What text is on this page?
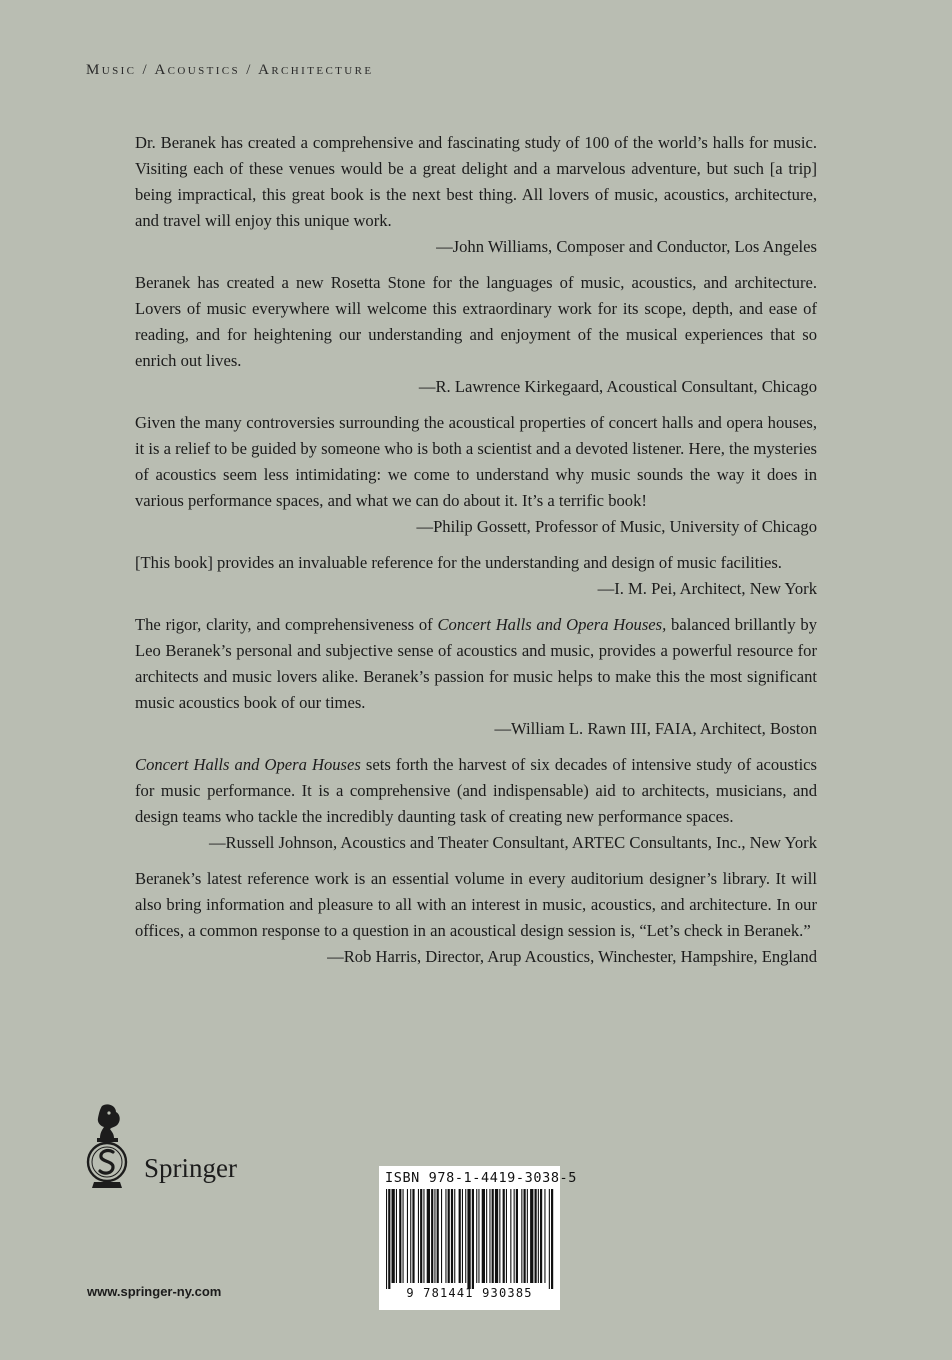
Music / Acoustics / Architecture

Dr. Beranek has created a comprehensive and fascinating study of 100 of the world’s halls for music. Visiting each of these venues would be a great delight and a marvelous adventure, but such [a trip] being impractical, this great book is the next best thing. All lovers of music, acoustics, architecture, and travel will enjoy this unique work.

—John Williams, Composer and Conductor, Los Angeles

Beranek has created a new Rosetta Stone for the languages of music, acoustics, and architecture. Lovers of music everywhere will welcome this extraordinary work for its scope, depth, and ease of reading, and for heightening our understanding and enjoyment of the musical experiences that so enrich out lives.

—R. Lawrence Kirkegaard, Acoustical Consultant, Chicago

Given the many controversies surrounding the acoustical properties of concert halls and opera houses, it is a relief to be guided by someone who is both a scientist and a devoted listener. Here, the mysteries of acoustics seem less intimidating: we come to understand why music sounds the way it does in various performance spaces, and what we can do about it. It’s a terrific book!

—Philip Gossett, Professor of Music, University of Chicago

[This book] provides an invaluable reference for the understanding and design of music facilities.

—I. M. Pei, Architect, New York

The rigor, clarity, and comprehensiveness of Concert Halls and Opera Houses, balanced brillantly by Leo Beranek’s personal and subjective sense of acoustics and music, provides a powerful resource for architects and music lovers alike. Beranek’s passion for music helps to make this the most significant music acoustics book of our times.

—William L. Rawn III, FAIA, Architect, Boston

Concert Halls and Opera Houses sets forth the harvest of six decades of intensive study of acoustics for music performance. It is a comprehensive (and indispensable) aid to architects, musicians, and design teams who tackle the incredibly daunting task of creating new performance spaces.

—Russell Johnson, Acoustics and Theater Consultant, ARTEC Consultants, Inc., New York

Beranek’s latest reference work is an essential volume in every auditorium designer’s library. It will also bring information and pleasure to all with an interest in music, acoustics, and architecture. In our offices, a common response to a question in an acoustical design session is, “Let’s check in Beranek.”

—Rob Harris, Director, Arup Acoustics, Winchester, Hampshire, England

Springer
www.springer-ny.com
ISBN 978-1-4419-3038-5
9 781441 930385
